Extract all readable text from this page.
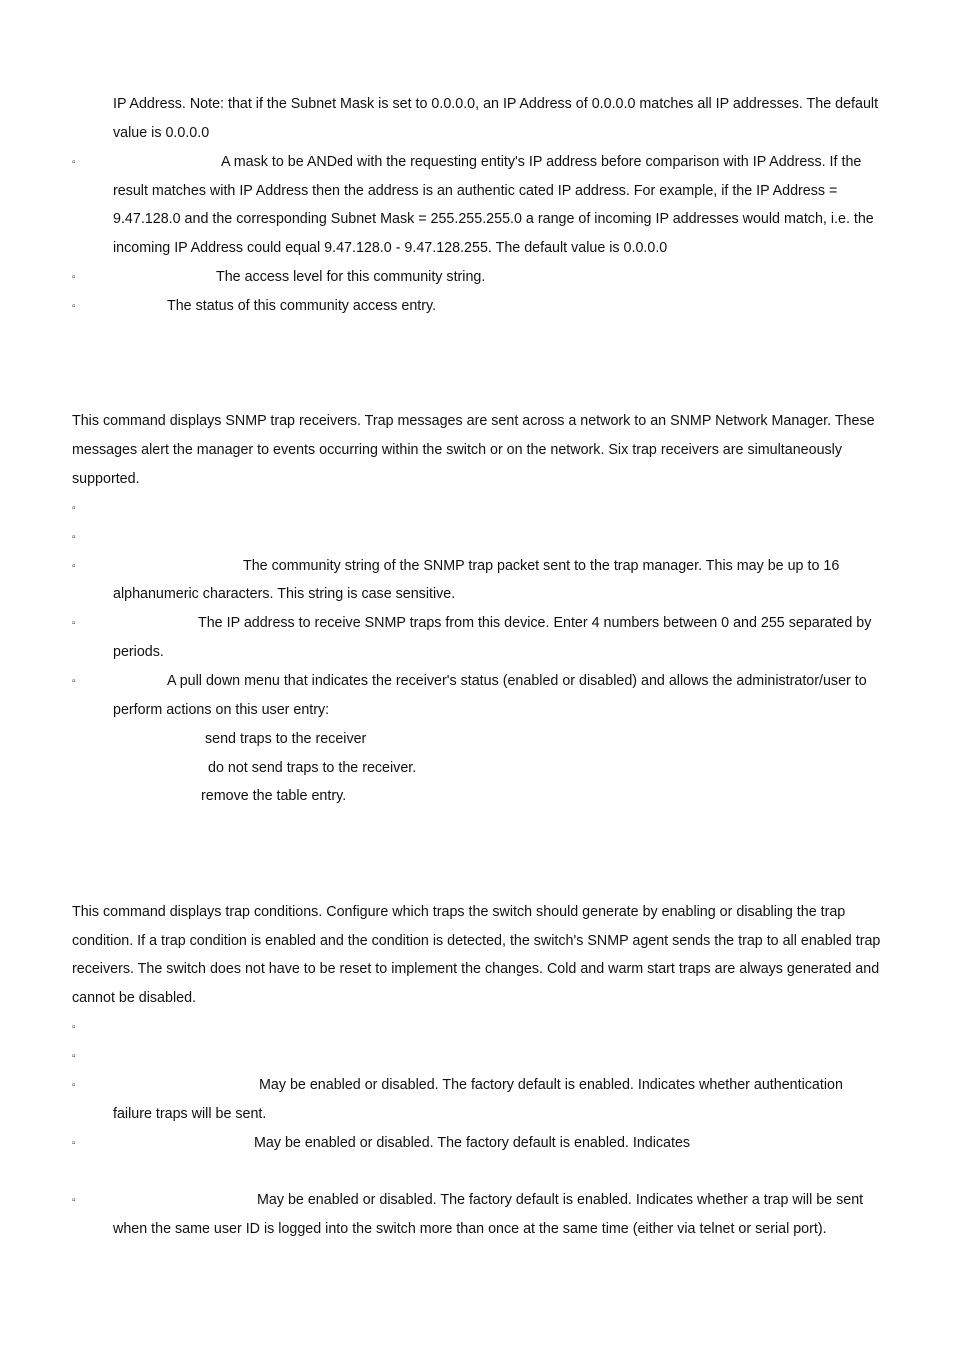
IP Address. Note: that if the Subnet Mask is set to 0.0.0.0, an IP Address of 0.0.0.0 matches all IP addresses. The default
value is 0.0.0.0
▫	A mask to be ANDed with the requesting entity's IP address before comparison with IP Address. If the
result matches with IP Address then the address is an authentic cated IP address. For example, if the IP Address =
9.47.128.0 and the corresponding Subnet Mask = 255.255.255.0 a range of incoming IP addresses would match, i.e. the
incoming IP Address could equal 9.47.128.0 - 9.47.128.255. The default value is 0.0.0.0
▫	The access level for this community string.
▫	The status of this community access entry.
This command displays SNMP trap receivers. Trap messages are sent across a network to an SNMP Network Manager. These
messages alert the manager to events occurring within the switch or on the network. Six trap receivers are simultaneously
supported.
▫
▫
▫	The community string of the SNMP trap packet sent to the trap manager. This may be up to 16
alphanumeric characters. This string is case sensitive.
▫	The IP address to receive SNMP traps from this device. Enter 4 numbers between 0 and 255 separated by
periods.
▫	A pull down menu that indicates the receiver's status (enabled or disabled) and allows the administrator/user to
perform actions on this user entry:
send traps to the receiver
do not send traps to the receiver.
remove the table entry.
This command displays trap conditions. Configure which traps the switch should generate by enabling or disabling the trap
condition. If a trap condition is enabled and the condition is detected, the switch's SNMP agent sends the trap to all enabled trap
receivers. The switch does not have to be reset to implement the changes. Cold and warm start traps are always generated and
cannot be disabled.
▫
▫
▫	May be enabled or disabled. The factory default is enabled. Indicates whether authentication
failure traps will be sent.
▫	May be enabled or disabled. The factory default is enabled. Indicates
▫	May be enabled or disabled. The factory default is enabled. Indicates whether a trap will be sent
when the same user ID is logged into the switch more than once at the same time (either via telnet or serial port).
